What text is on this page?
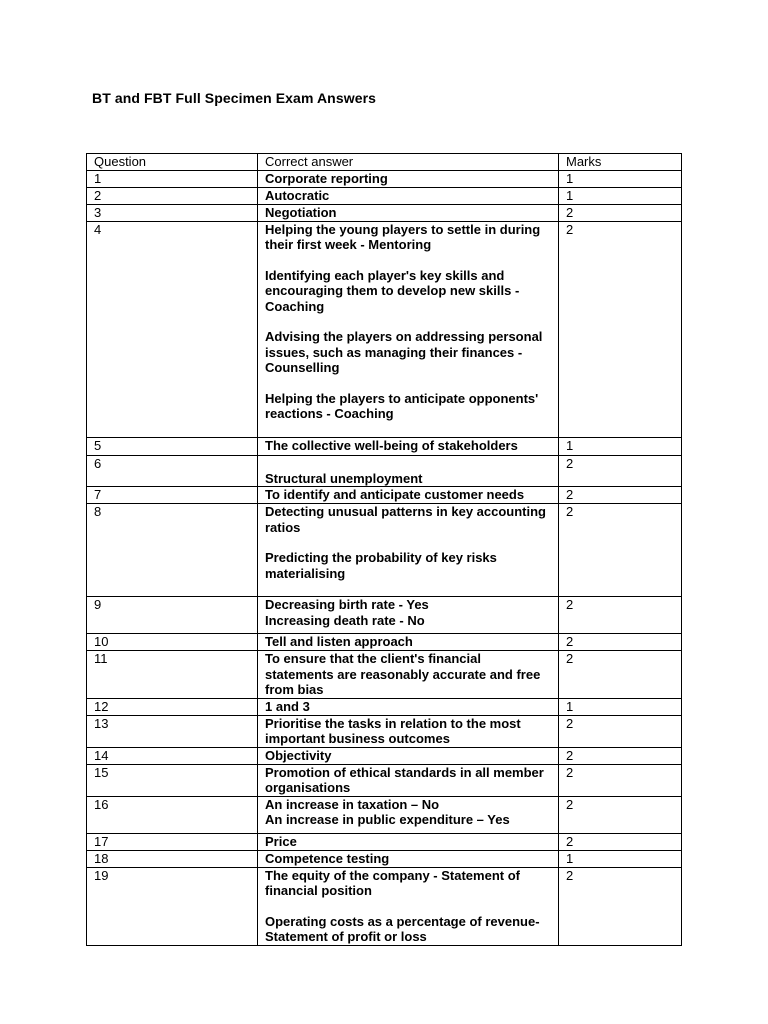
BT and FBT Full Specimen Exam Answers
Question	Correct answer	Marks
1	Corporate reporting	1
2	Autocratic	1
3	Negotiation	2
4	Helping the young players to settle in during their first week - Mentoring
Identifying each player's key skills and encouraging them to develop new skills - Coaching
Advising the players on addressing personal issues, such as managing their finances - Counselling
Helping the players to anticipate opponents' reactions - Coaching	2
5	The collective well-being of stakeholders	1
6	Structural unemployment	2
7	To identify and anticipate customer needs	2
8	Detecting unusual patterns in key accounting ratios
Predicting the probability of key risks materialising	2
9	Decreasing birth rate - Yes
Increasing death rate - No	2
10	Tell and listen approach	2
11	To ensure that the client's financial statements are reasonably accurate and free from bias	2
12	1 and 3	1
13	Prioritise the tasks in relation to the most important business outcomes	2
14	Objectivity	2
15	Promotion of ethical standards in all member organisations	2
16	An increase in taxation – No
An increase in public expenditure – Yes	2
17	Price	2
18	Competence testing	1
19	The equity of the company - Statement of financial position
Operating costs as a percentage of revenue- Statement of profit or loss	2
